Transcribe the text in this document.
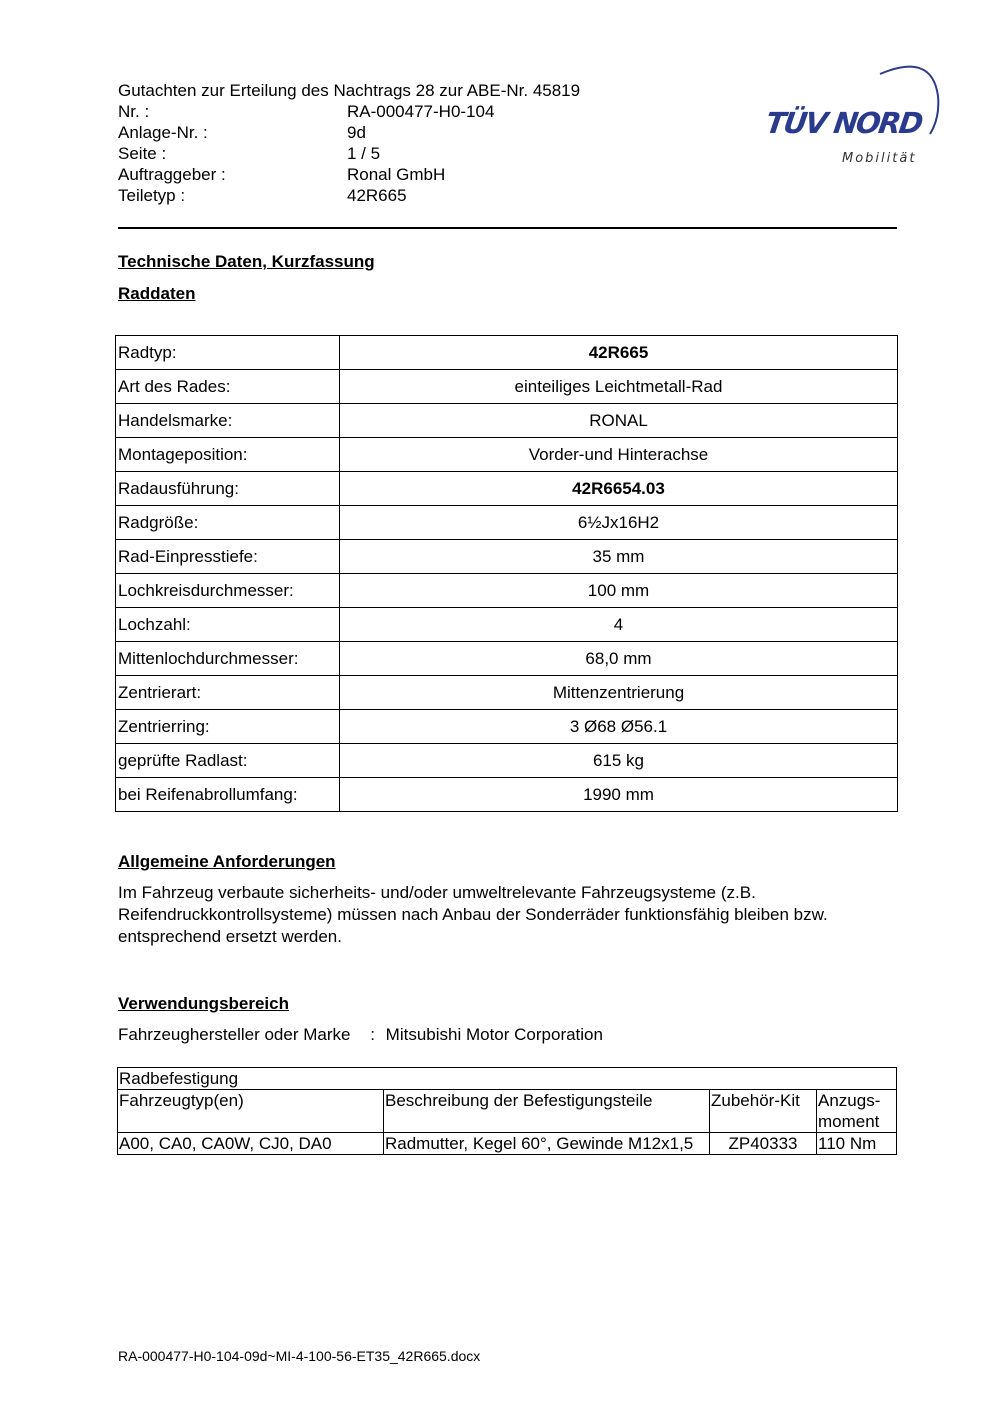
Gutachten zur Erteilung des Nachtrags 28 zur ABE-Nr. 45819
Nr. :	RA-000477-H0-104
Anlage-Nr. :	9d
Seite :	1 / 5
Auftraggeber :	Ronal GmbH
Teiletyp :	42R665
TÜV NORD
Mobilität
Technische Daten, Kurzfassung
Raddaten
Radtyp:	42R665
Art des Rades:	einteiliges Leichtmetall-Rad
Handelsmarke:	RONAL
Montageposition:	Vorder-und Hinterachse
Radausführung:	42R6654.03
Radgröße:	6½Jx16H2
Rad-Einpresstiefe:	35 mm
Lochkreisdurchmesser:	100 mm
Lochzahl:	4
Mittenlochdurchmesser:	68,0 mm
Zentrierart:	Mittenzentrierung
Zentrierring:	3 Ø68 Ø56.1
geprüfte Radlast:	615 kg
bei Reifenabrollumfang:	1990 mm
Allgemeine Anforderungen
Im Fahrzeug verbaute sicherheits- und/oder umweltrelevante Fahrzeugsysteme (z.B. Reifendruckkontrollsysteme) müssen nach Anbau der Sonderräder funktionsfähig bleiben bzw. entsprechend ersetzt werden.
Verwendungsbereich
Fahrzeughersteller oder Marke : Mitsubishi Motor Corporation
Radbefestigung			
Fahrzeugtyp(en)	Beschreibung der Befestigungsteile	Zubehör-Kit	Anzugs-
moment
A00, CA0, CA0W, CJ0, DA0	Radmutter, Kegel 60°, Gewinde M12x1,5	ZP40333	110 Nm
RA-000477-H0-104-09d~MI-4-100-56-ET35_42R665.docx
